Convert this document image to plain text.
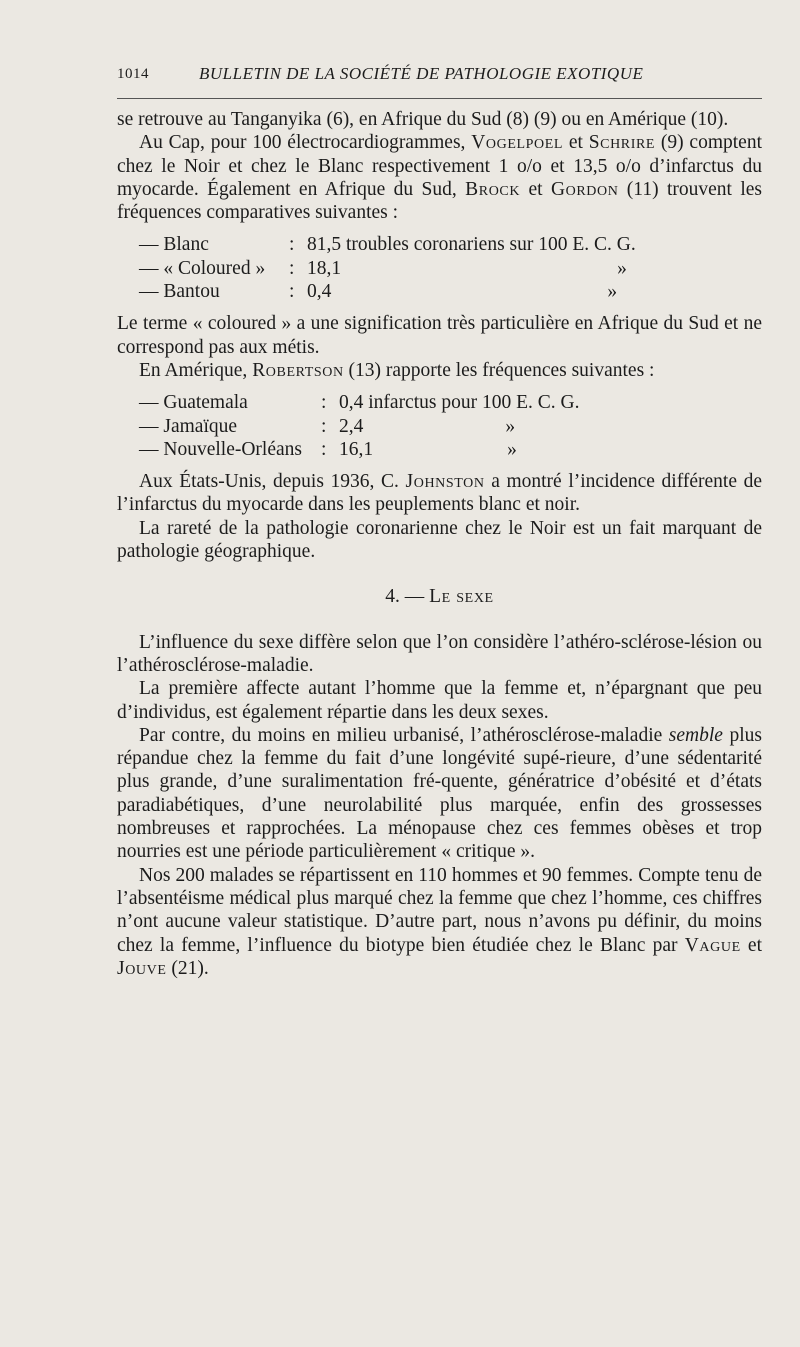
1014	BULLETIN DE LA SOCIÉTÉ DE PATHOLOGIE EXOTIQUE

se retrouve au Tanganyika (6), en Afrique du Sud (8) (9) ou en Amérique (10).

Au Cap, pour 100 électrocardiogrammes, Vogelpoel et Schrire (9) comptent chez le Noir et chez le Blanc respectivement 1 o/o et 13,5 o/o d’infarctus du myocarde. Également en Afrique du Sud, Brock et Gordon (11) trouvent les fréquences comparatives suivantes :

— Blanc	:	81,5 troubles coronariens sur 100 E. C. G.
— « Coloured »	:	18,1 »
— Bantou	:	0,4 »

Le terme « coloured » a une signification très particulière en Afrique du Sud et ne correspond pas aux métis.

En Amérique, Robertson (13) rapporte les fréquences suivantes :

— Guatemala	:	0,4 infarctus pour 100 E. C. G.
— Jamaïque	:	2,4 »
— Nouvelle-Orléans	:	16,1 »

Aux États-Unis, depuis 1936, C. Johnston a montré l’incidence différente de l’infarctus du myocarde dans les peuplements blanc et noir.

La rareté de la pathologie coronarienne chez le Noir est un fait marquant de pathologie géographique.

4. — Le sexe

L’influence du sexe diffère selon que l’on considère l’athéro-sclérose-lésion ou l’athérosclérose-maladie.

La première affecte autant l’homme que la femme et, n’épargnant que peu d’individus, est également répartie dans les deux sexes.

Par contre, du moins en milieu urbanisé, l’athérosclérose-maladie semble plus répandue chez la femme du fait d’une longévité supé-rieure, d’une sédentarité plus grande, d’une suralimentation fré-quente, génératrice d’obésité et d’états paradiabétiques, d’une neurolabilité plus marquée, enfin des grossesses nombreuses et rapprochées. La ménopause chez ces femmes obèses et trop nourries est une période particulièrement « critique ».

Nos 200 malades se répartissent en 110 hommes et 90 femmes. Compte tenu de l’absentéisme médical plus marqué chez la femme que chez l’homme, ces chiffres n’ont aucune valeur statistique. D’autre part, nous n’avons pu définir, du moins chez la femme, l’influence du biotype bien étudiée chez le Blanc par Vague et Jouve (21).
